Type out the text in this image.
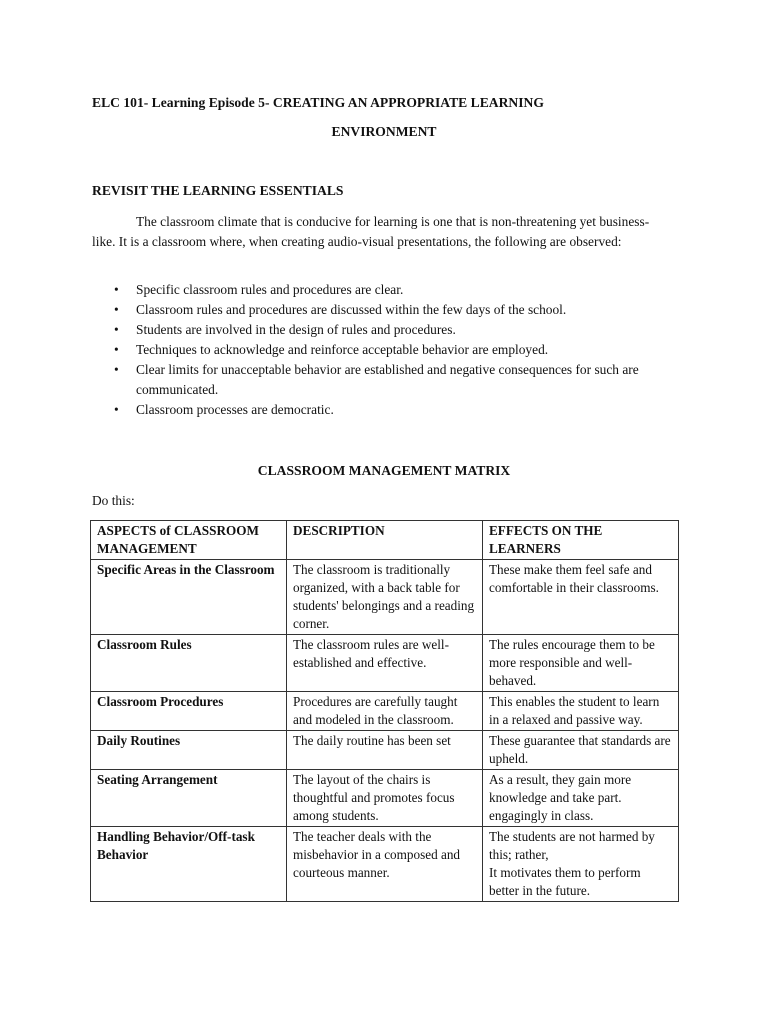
ELC 101- Learning Episode 5- CREATING AN APPROPRIATE LEARNING
ENVIRONMENT
REVISIT THE LEARNING ESSENTIALS

The classroom climate that is conducive for learning is one that is non-threatening yet business-like. It is a classroom where, when creating audio-visual presentations, the following are observed:

• Specific classroom rules and procedures are clear.
• Classroom rules and procedures are discussed within the few days of the school.
• Students are involved in the design of rules and procedures.
• Techniques to acknowledge and reinforce acceptable behavior are employed.
• Clear limits for unacceptable behavior are established and negative consequences for such are communicated.
• Classroom processes are democratic.
CLASSROOM MANAGEMENT MATRIX
Do this:
ASPECTS of CLASSROOM MANAGEMENT	DESCRIPTION	EFFECTS ON THE LEARNERS
Specific Areas in the Classroom	The classroom is traditionally organized, with a back table for students' belongings and a reading corner.	These make them feel safe and comfortable in their classrooms.
Classroom Rules	The classroom rules are well-established and effective.	The rules encourage them to be more responsible and well-behaved.
Classroom Procedures	Procedures are carefully taught and modeled in the classroom.	This enables the student to learn in a relaxed and passive way.
Daily Routines	The daily routine has been set	These guarantee that standards are upheld.
Seating Arrangement	The layout of the chairs is thoughtful and promotes focus among students.	As a result, they gain more knowledge and take part. engagingly in class.
Handling Behavior/Off-task Behavior	The teacher deals with the misbehavior in a composed and courteous manner.	The students are not harmed by this; rather,
It motivates them to perform better in the future.
